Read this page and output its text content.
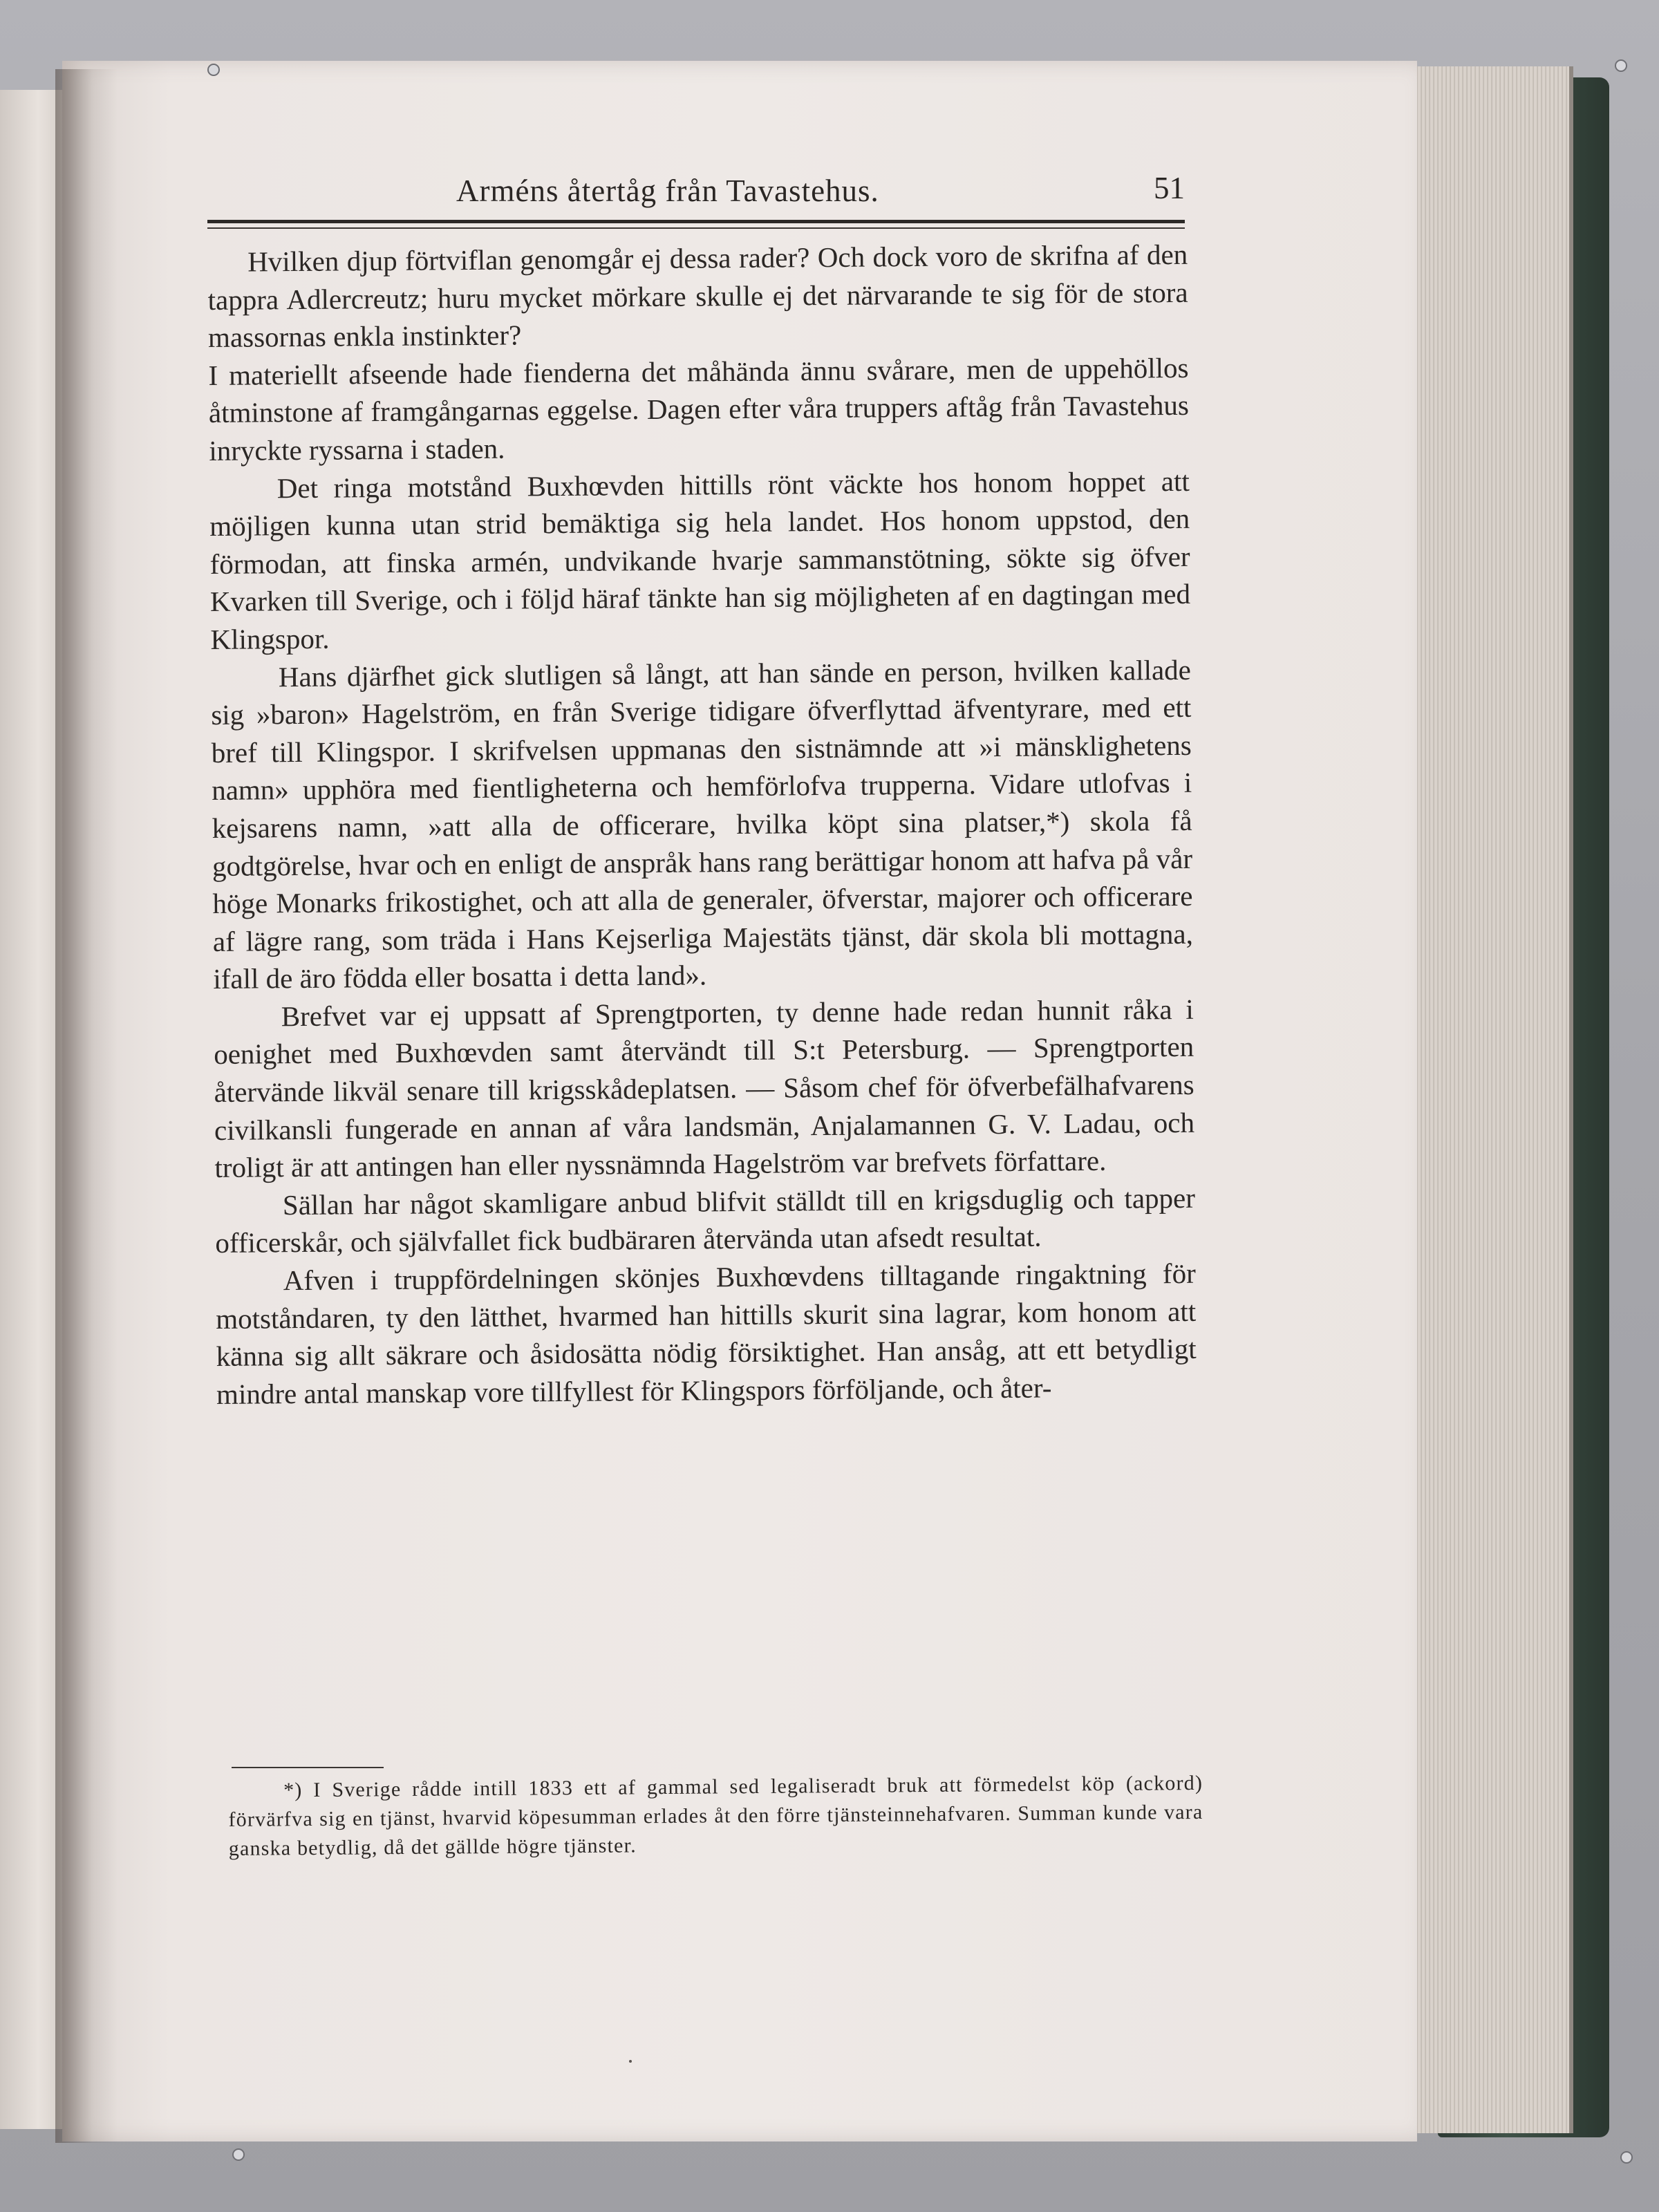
Arméns återtåg från Tavastehus.	51

Hvilken djup förtviflan genomgår ej dessa rader? Och dock voro de skrifna af den tappra Adlercreutz; huru mycket mörkare skulle ej det närvarande te sig för de stora massornas enkla instinkter?

I materiellt afseende hade fienderna det måhända ännu svårare, men de uppehöllos åtminstone af framgångarnas eggelse. Dagen efter våra truppers aftåg från Tavastehus inryckte ryssarna i staden.

Det ringa motstånd Buxhœvden hittills rönt väckte hos honom hoppet att möjligen kunna utan strid bemäktiga sig hela landet. Hos honom uppstod, den förmodan, att finska armén, undvikande hvarje sammanstötning, sökte sig öfver Kvarken till Sverige, och i följd häraf tänkte han sig möjligheten af en dagtingan med Klingspor.

Hans djärfhet gick slutligen så långt, att han sände en person, hvilken kallade sig »baron» Hagelström, en från Sverige tidigare öfverflyttad äfventyrare, med ett bref till Klingspor. I skrifvelsen uppmanas den sistnämnde att »i mänsklighetens namn» upphöra med fientligheterna och hemförlofva trupperna. Vidare utlofvas i kejsarens namn, »att alla de officerare, hvilka köpt sina platser,*) skola få godtgörelse, hvar och en enligt de anspråk hans rang berättigar honom att hafva på vår höge Monarks frikostighet, och att alla de generaler, öfverstar, majorer och officerare af lägre rang, som träda i Hans Kejserliga Majestäts tjänst, där skola bli mottagna, ifall de äro födda eller bosatta i detta land».

Brefvet var ej uppsatt af Sprengtporten, ty denne hade redan hunnit råka i oenighet med Buxhœvden samt återvändt till S:t Petersburg. — Sprengtporten återvände likväl senare till krigsskådeplatsen. — Såsom chef för öfverbefälhafvarens civilkansli fungerade en annan af våra landsmän, Anjalamannen G. V. Ladau, och troligt är att antingen han eller nyssnämnda Hagelström var brefvets författare.

Sällan har något skamligare anbud blifvit ställdt till en krigsduglig och tapper officerskår, och självfallet fick budbäraren återvända utan afsedt resultat.

Afven i truppfördelningen skönjes Buxhœvdens tilltagande ringaktning för motståndaren, ty den lätthet, hvarmed han hittills skurit sina lagrar, kom honom att känna sig allt säkrare och åsidosätta nödig försiktighet. Han ansåg, att ett betydligt mindre antal manskap vore tillfyllest för Klingspors förföljande, och åter-

*) I Sverige rådde intill 1833 ett af gammal sed legaliseradt bruk att förmedelst köp (ackord) förvärfva sig en tjänst, hvarvid köpesumman erlades åt den förre tjänsteinnehafvaren. Summan kunde vara ganska betydlig, då det gällde högre tjänster.
